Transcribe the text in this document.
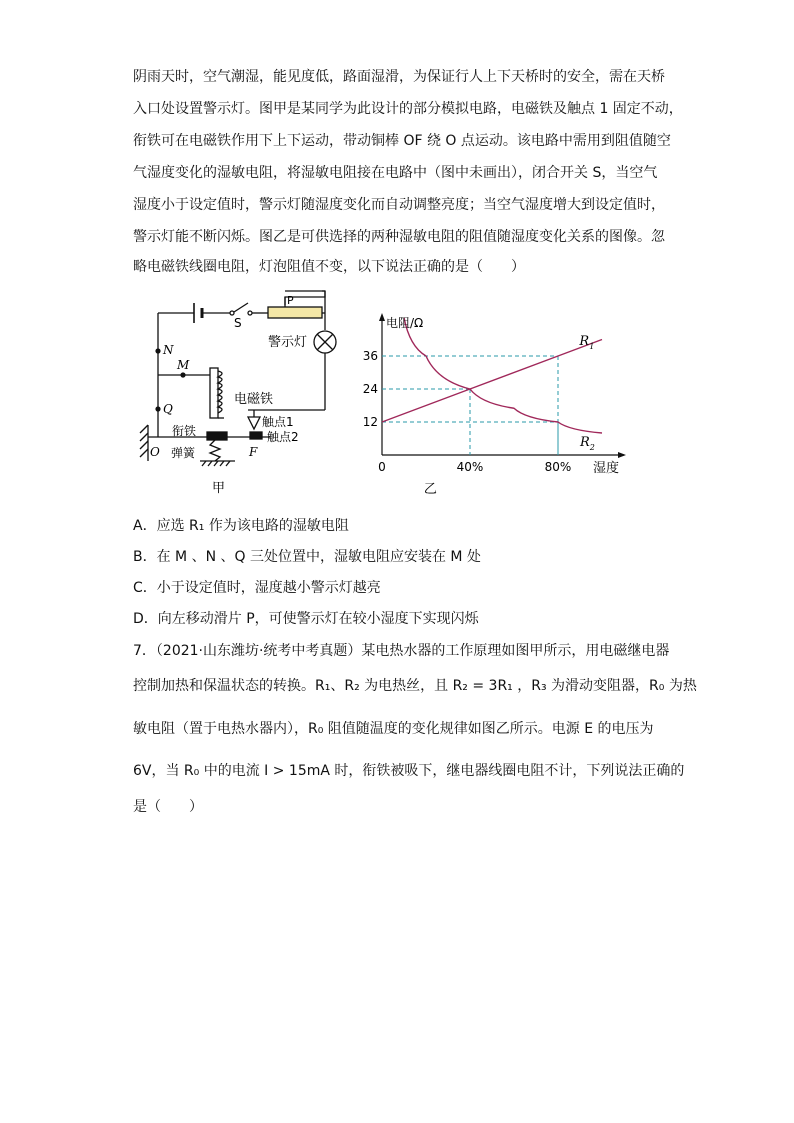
阴雨天时，空气潮湿，能见度低，路面湿滑，为保证行人上下天桥时的安全，需在天桥
入口处设置警示灯。图甲是某同学为此设计的部分模拟电路，电磁铁及触点 1 固定不动，
衔铁可在电磁铁作用下上下运动，带动铜棒 OF 绕 O 点运动。该电路中需用到阻值随空
气湿度变化的湿敏电阻，将湿敏电阻接在电路中（图中未画出），闭合开关 S，当空气
湿度小于设定值时，警示灯随湿度变化而自动调整亮度；当空气湿度增大到设定值时，
警示灯能不断闪烁。图乙是可供选择的两种湿敏电阻的阻值随湿度变化关系的图像。忽
略电磁铁线圈电阻，灯泡阻值不变，以下说法正确的是（　　）
P
S
警示灯
N
M
Q
电磁铁
触点1
触点2
衔铁
O 弹簧	F
甲
12
24
36
0	40%	80%
电阻/Ω
湿度
$R_1$
$R_2$
乙
A．应选 R₁ 作为该电路的湿敏电阻
B．在 M 、N 、Q 三处位置中，湿敏电阻应安装在 M 处
C．小于设定值时，湿度越小警示灯越亮
D．向左移动滑片 P，可使警示灯在较小湿度下实现闪烁
7．（2021·山东潍坊·统考中考真题）某电热水器的工作原理如图甲所示，用电磁继电器
控制加热和保温状态的转换。R₁、R₂ 为电热丝，且 R₂ = 3R₁ ，R₃ 为滑动变阻器，R₀ 为热
敏电阻（置于电热水器内），R₀ 阻值随温度的变化规律如图乙所示。电源 E 的电压为
6V，当 R₀ 中的电流 I > 15mA 时，衔铁被吸下，继电器线圈电阻不计，下列说法正确的
是（　　）
